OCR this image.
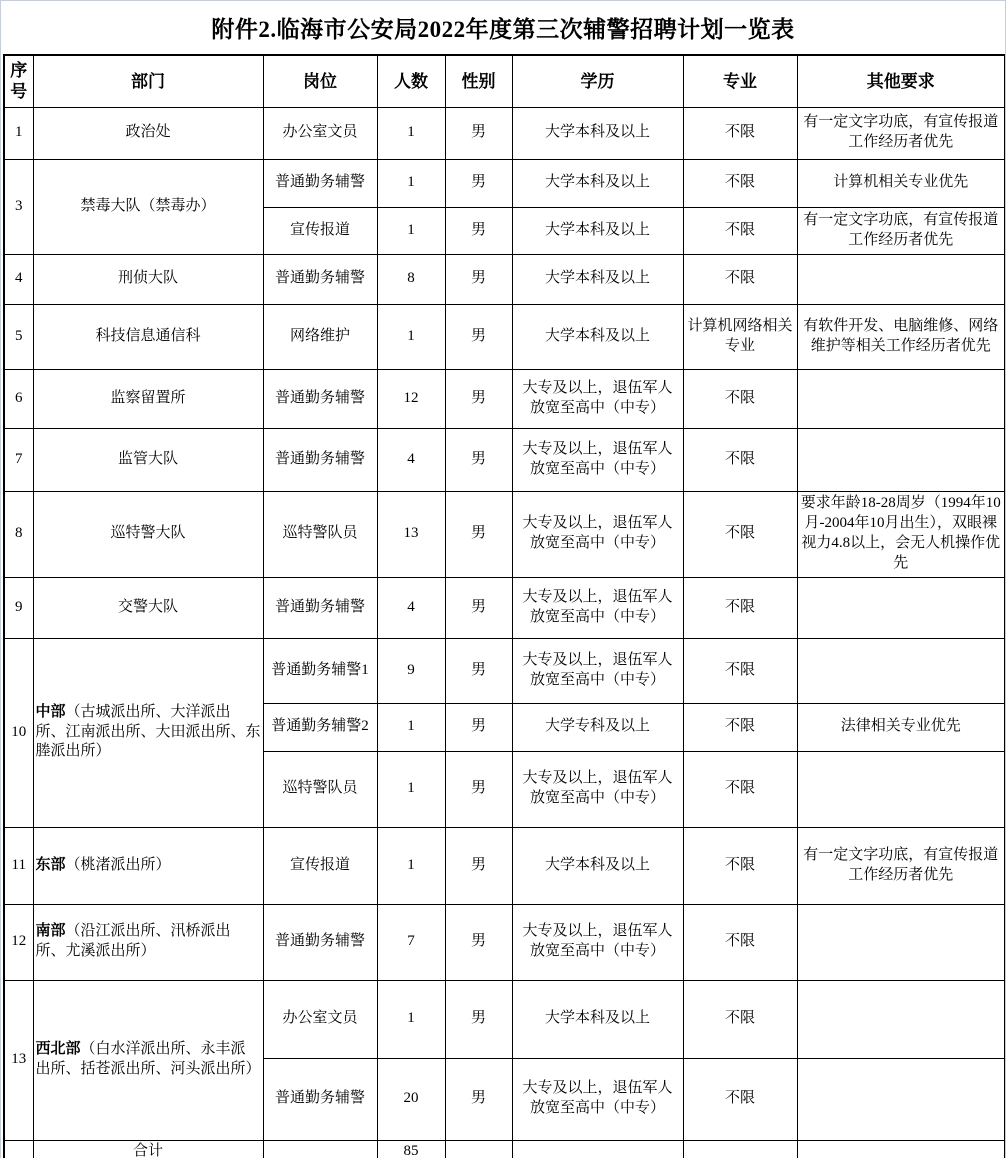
附件2.临海市公安局2022年度第三次辅警招聘计划一览表
序号	部门	岗位	人数	性别	学历	专业	其他要求
1	政治处	办公室文员	1	男	大学本科及以上	不限	有一定文字功底，有宣传报道工作经历者优先
3	禁毒大队（禁毒办）	普通勤务辅警	1	男	大学本科及以上	不限	计算机相关专业优先
		宣传报道	1	男	大学本科及以上	不限	有一定文字功底，有宣传报道工作经历者优先
4	刑侦大队	普通勤务辅警	8	男	大学本科及以上	不限	
5	科技信息通信科	网络维护	1	男	大学本科及以上	计算机网络相关专业	有软件开发、电脑维修、网络维护等相关工作经历者优先
6	监察留置所	普通勤务辅警	12	男	大专及以上，退伍军人放宽至高中（中专）	不限	
7	监管大队	普通勤务辅警	4	男	大专及以上，退伍军人放宽至高中（中专）	不限	
8	巡特警大队	巡特警队员	13	男	大专及以上，退伍军人放宽至高中（中专）	不限	要求年龄18-28周岁（1994年10月-2004年10月出生），双眼裸视力4.8以上，会无人机操作优先
9	交警大队	普通勤务辅警	4	男	大专及以上，退伍军人放宽至高中（中专）	不限	
10	中部（古城派出所、大洋派出所、江南派出所、大田派出所、东塍派出所）	普通勤务辅警1	9	男	大专及以上，退伍军人放宽至高中（中专）	不限	
		普通勤务辅警2	1	男	大学专科及以上	不限	法律相关专业优先
		巡特警队员	1	男	大专及以上，退伍军人放宽至高中（中专）	不限	
11	东部（桃渚派出所）	宣传报道	1	男	大学本科及以上	不限	有一定文字功底，有宣传报道工作经历者优先
12	南部（沿江派出所、汛桥派出所、尤溪派出所）	普通勤务辅警	7	男	大专及以上，退伍军人放宽至高中（中专）	不限	
13	西北部（白水洋派出所、永丰派出所、括苍派出所、河头派出所）	办公室文员	1	男	大学本科及以上	不限	
		普通勤务辅警	20	男	大专及以上，退伍军人放宽至高中（中专）	不限	
	合计		85				
